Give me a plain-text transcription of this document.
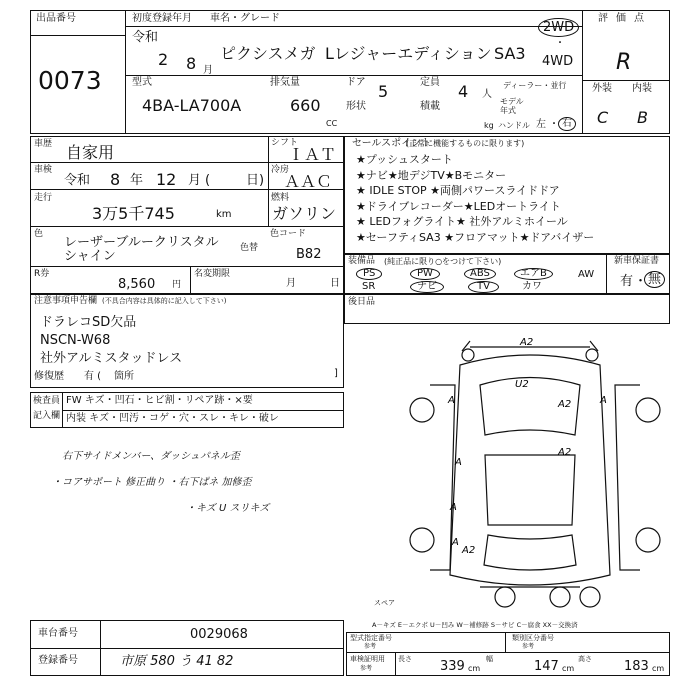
出品番号
0073
初度登録年月 車名・グレード
令和
2 8 月
ピクシスメガ Lレジャーエディション SA3
2WD
・
4WD
型式
4BA-LA700A
排気量
660
CC
ドア 5
形状
定員 4 人
積載
kg
ディーラー・並行
モデル
年式
ハンドル 左 ・ 右
評価点
R
外装 内装
C B
車歴 自家用	シフト
ＩＡＴ
車検
令和 8 年 12 月 (	日)
冷房
ＡＡＣ
走行
3万5千745	km
燃料
ガソリン
色
レーザーブルークリスタル
シャイン
色替
色コード
B82
R券
8,560 円
名変期限
月	日
セールスポイント
(正常に機能するものに限ります)
★プッシュスタート
★ナビ★地デジTV★Bモニター
★ IDLE STOP ★両側パワースライドドア
★ドライブレコーダー★LEDオートライト
★ LEDフォグライト★ 社外アルミホイール
★セーフティSA3 ★フロアマット★ドアバイザー
装備品 (純正品に限り○をつけて下さい)
PS	PW	ABS	エアB	AW
SR	ナビ	TV	カワ
新車保証書
有 ・ 無
後日品
注意事項申告欄 (不具合内容は具体的に記入して下さい)
ドラレコSD欠品
NSCN-W68
社外アルミスタッドレス
修復歴 有 ( 箇所	]
検査員
記入欄
FW キズ・凹石・ヒビ割・リペア跡・×要
内装 キズ・凹汚・コゲ・穴・スレ・キレ・破レ
右下サイドメンバー、ダッシュパネル歪
・コアサポート 修正曲り ・右下ぱネ 加修歪
・キズ U スリキズ
A2
U2
A	A
A
A
A
A2
A2
A2
スペア
A－キズ E－エクボ U－凹み W－補修跡 S－サビ C－腐食 XX－交換済
車台番号	0029068
登録番号	市原 580 う 41 82
型式指定番号
参考
類別区分番号
参考
車検証明用
参考
長さ 339 cm
幅	147 cm
高さ 183 cm
